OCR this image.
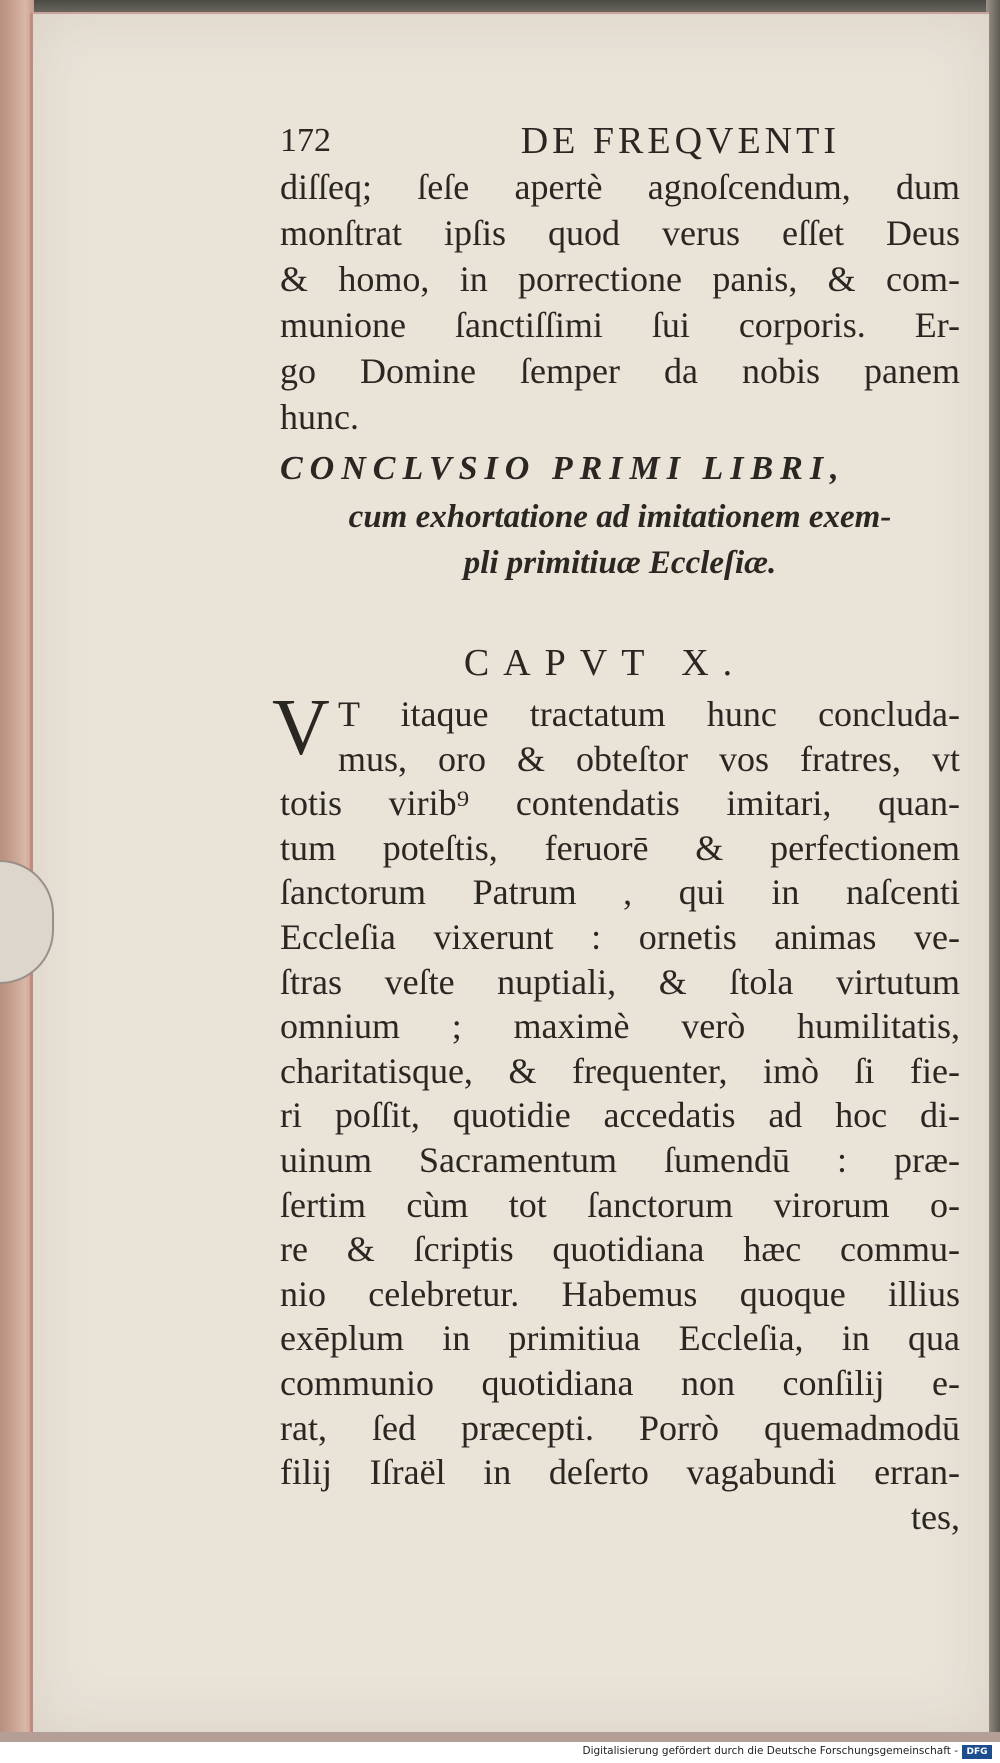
172	DE FREQVENTI
diſſeq; ſeſe apertè agnoſcendum, dum
monſtrat ipſis quod verus eſſet Deus
& homo, in porrectione panis, & com-
munione ſanctiſſimi ſui corporis. Er-
go Domine ſemper da nobis panem
hunc.
CONCLVSIO PRIMI LIBRI,
cum exhortatione ad imitationem exem-
pli primitiuæ Eccleſiæ.
CAPVT X.
V T itaque tractatum hunc concluda-
mus, oro & obteſtor vos fratres, vt
totis virib⁹ contendatis imitari, quan-
tum poteſtis, feruorē & perfectionem
ſanctorum Patrum , qui in naſcenti
Eccleſia vixerunt : ornetis animas ve-
ſtras veſte nuptiali, & ſtola virtutum
omnium ; maximè verò humilitatis,
charitatisque, & frequenter, imò ſi fie-
ri poſſit, quotidie accedatis ad hoc di-
uinum Sacramentum ſumendū : præ-
ſertim cùm tot ſanctorum virorum o-
re & ſcriptis quotidiana hæc commu-
nio celebretur. Habemus quoque illius
exēplum in primitiua Eccleſia, in qua
communio quotidiana non conſilij e-
rat, ſed præcepti. Porrò quemadmodū
filij Iſraël in deſerto vagabundi erran-
tes,
Digitalisierung gefördert durch die Deutsche Forschungsgemeinschaft - DFG
